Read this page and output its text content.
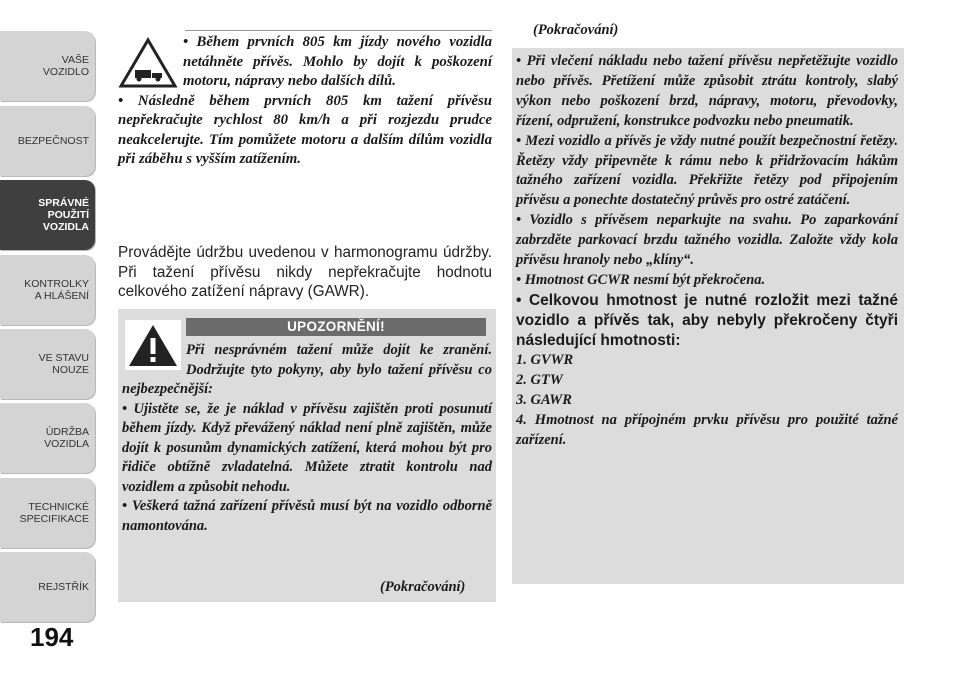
VAŠE
VOZIDLO
BEZPEČNOST
SPRÁVNÉ
POUŽITÍ
VOZIDLA
KONTROLKY
A HLÁŠENÍ
VE STAVU
NOUZE
ÚDRŽBA
VOZIDLA
TECHNICKÉ
SPECIFIKACE
REJSTŘÍK
194

• Během prvních 805 km jízdy nového vozidla netáhněte přívěs. Mohlo by dojít k poškození motoru, nápravy nebo dalších dílů.

• Následně během prvních 805 km tažení přívěsu nepřekračujte rychlost 80 km/h a při rozjezdu prudce neakcelerujte. Tím pomůžete motoru a dalším dílům vozidla při záběhu s vyšším zatížením.

Provádějte údržbu uvedenou v harmonogramu údržby. Při tažení přívěsu nikdy nepřekračujte hodnotu celkového zatížení nápravy (GAWR).
UPOZORNĚNÍ!

Při nesprávném tažení může dojít ke zranění. Dodržujte tyto pokyny, aby bylo tažení přívěsu co nejbezpečnější:

• Ujistěte se, že je náklad v přívěsu zajištěn proti posunutí během jízdy. Když převážený náklad není plně zajištěn, může dojít k posunům dynamických zatížení, která mohou být pro řidiče obtížně zvladatelná. Můžete ztratit kontrolu nad vozidlem a způsobit nehodu.

• Veškerá tažná zařízení přívěsů musí být na vozidlo odborně namontována.

(Pokračování)
(Pokračování)

• Při vlečení nákladu nebo tažení přívěsu nepřetěžujte vozidlo nebo přívěs. Přetížení může způsobit ztrátu kontroly, slabý výkon nebo poškození brzd, nápravy, motoru, převodovky, řízení, odpružení, konstrukce podvozku nebo pneumatik.

• Mezi vozidlo a přívěs je vždy nutné použít bezpečnostní řetězy. Řetězy vždy připevněte k rámu nebo k přidržovacím hákům tažného zařízení vozidla. Překřižte řetězy pod připojením přívěsu a ponechte dostatečný průvěs pro ostré zatáčení.

• Vozidlo s přívěsem neparkujte na svahu. Po zaparkování zabrzděte parkovací brzdu tažného vozidla. Založte vždy kola přívěsu hranoly nebo „klíny“.

• Hmotnost GCWR nesmí být překročena.

• Celkovou hmotnost je nutné rozložit mezi tažné vozidlo a přívěs tak, aby nebyly překročeny čtyři následující hmotnosti:

1. GVWR

2. GTW

3. GAWR

4. Hmotnost na přípojném prvku přívěsu pro použité tažné zařízení.
